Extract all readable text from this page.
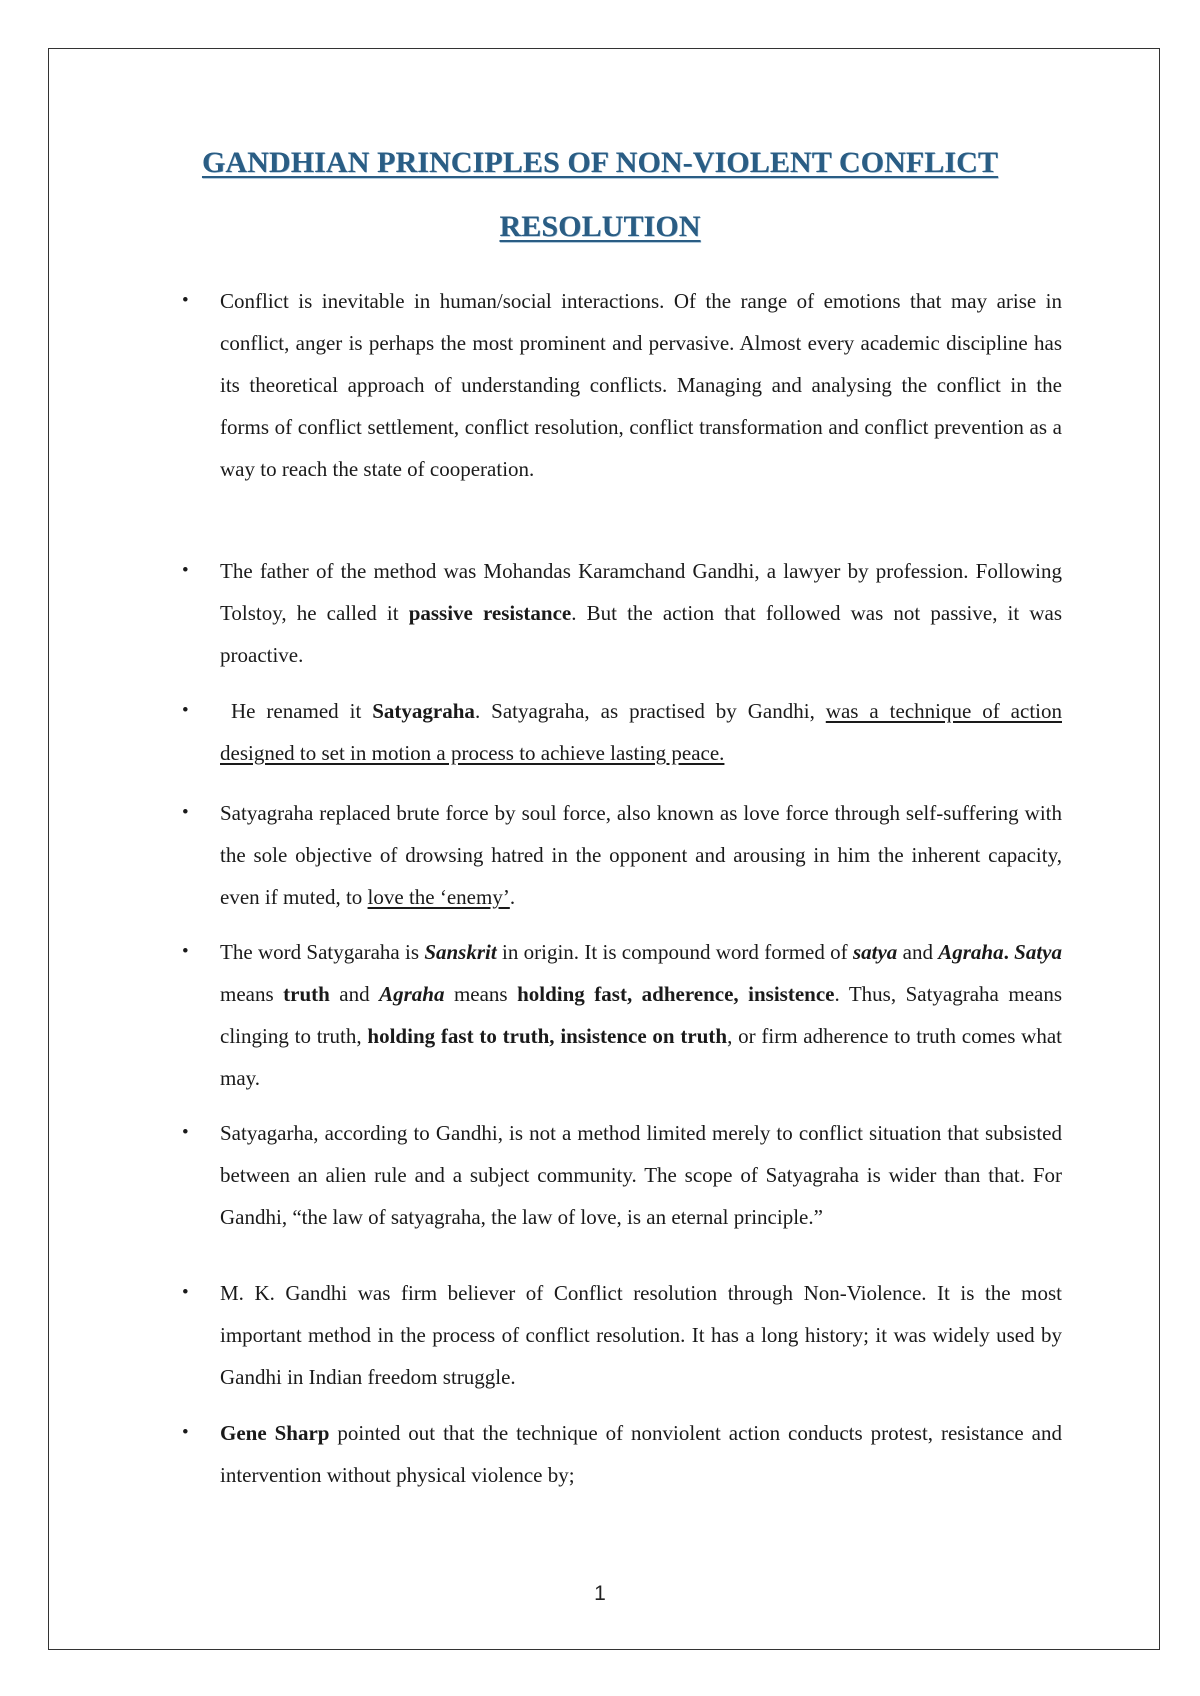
GANDHIAN PRINCIPLES OF NON-VIOLENT CONFLICT
RESOLUTION
• Conflict is inevitable in human/social interactions. Of the range of emotions that may arise in conflict, anger is perhaps the most prominent and pervasive. Almost every academic discipline has its theoretical approach of understanding conflicts. Managing and analysing the conflict in the forms of conflict settlement, conflict resolution, conflict transformation and conflict prevention as a way to reach the state of cooperation.
• The father of the method was Mohandas Karamchand Gandhi, a lawyer by profession. Following Tolstoy, he called it passive resistance. But the action that followed was not passive, it was proactive.
• He renamed it Satyagraha. Satyagraha, as practised by Gandhi, was a technique of action designed to set in motion a process to achieve lasting peace.
• Satyagraha replaced brute force by soul force, also known as love force through self-suffering with the sole objective of drowsing hatred in the opponent and arousing in him the inherent capacity, even if muted, to love the ‘enemy’.
• The word Satygaraha is Sanskrit in origin. It is compound word formed of satya and Agraha. Satya means truth and Agraha means holding fast, adherence, insistence. Thus, Satyagraha means clinging to truth, holding fast to truth, insistence on truth, or firm adherence to truth comes what may.
• Satyagarha, according to Gandhi, is not a method limited merely to conflict situation that subsisted between an alien rule and a subject community. The scope of Satyagraha is wider than that. For Gandhi, “the law of satyagraha, the law of love, is an eternal principle.”
• M. K. Gandhi was firm believer of Conflict resolution through Non-Violence. It is the most important method in the process of conflict resolution. It has a long history; it was widely used by Gandhi in Indian freedom struggle.
• Gene Sharp pointed out that the technique of nonviolent action conducts protest, resistance and intervention without physical violence by;
1
